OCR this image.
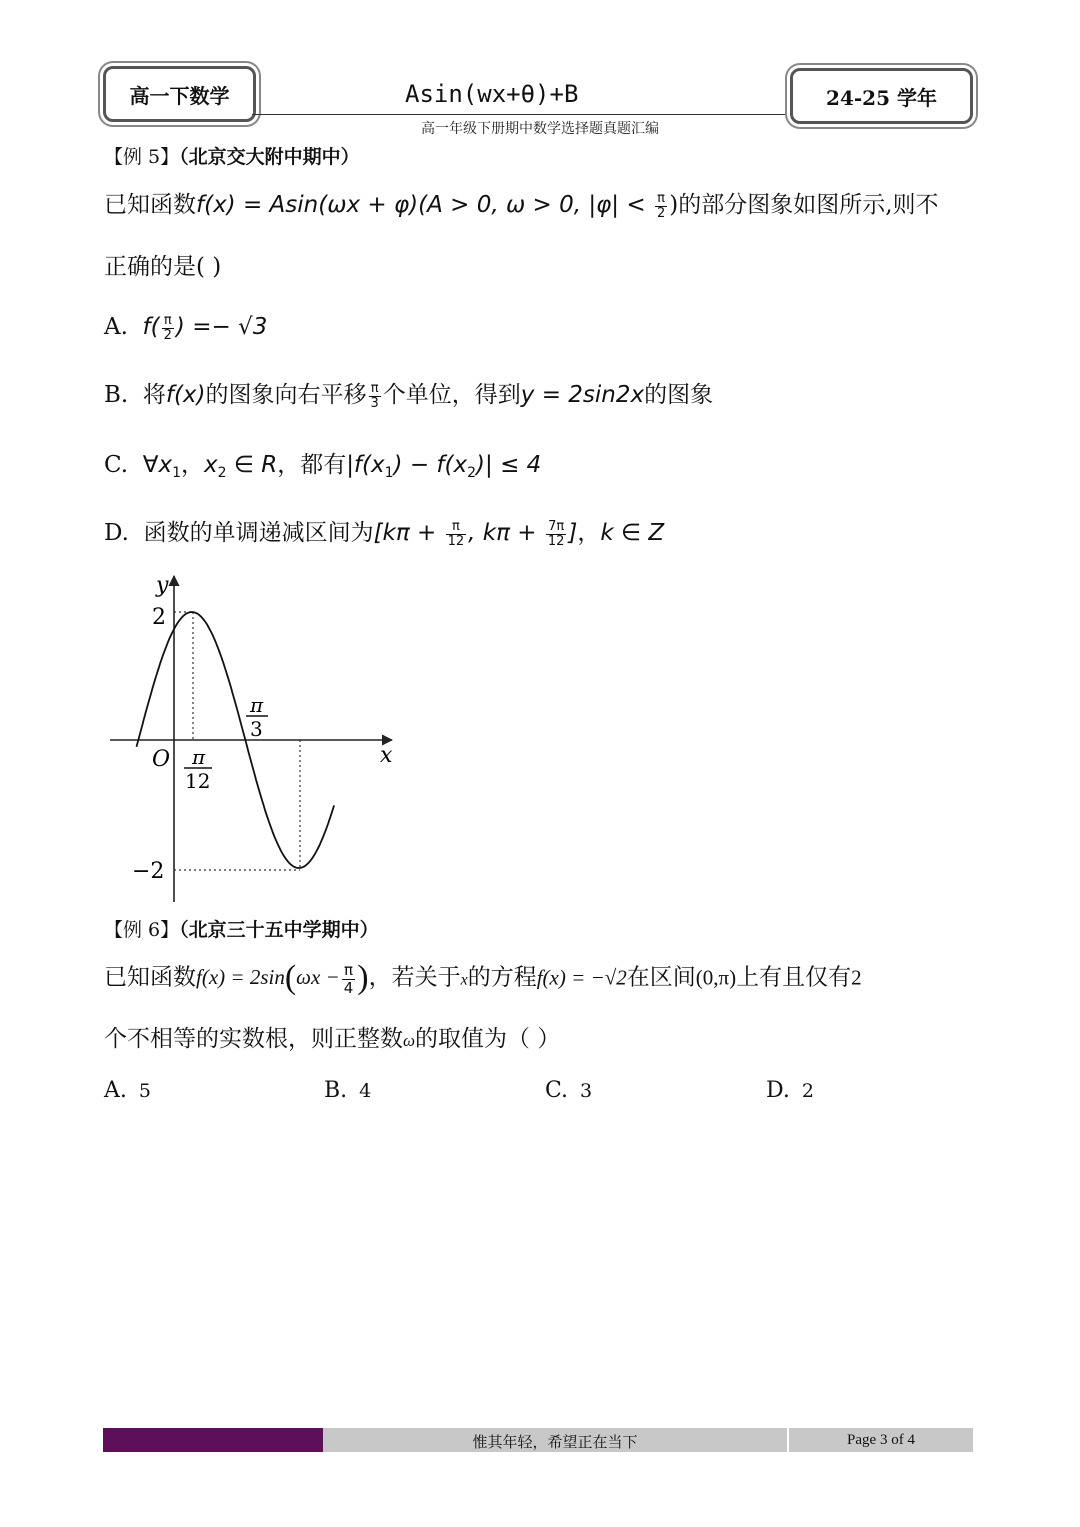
高一下数学	Asin(wx+θ)+B	24-25 学年
高一年级下册期中数学选择题真题汇编
【例 5】（北京交大附中期中）
已知函数f(x) = Asin(ωx + φ)(A > 0, ω > 0, $|\varphi| < \frac{\pi}{2}$ )的部分图象如图所示,则不
正确的是( )
A. $f( \frac{\pi}{2}$ ) =− √3
B. 将f(x)的图象向右平移 $\frac{\pi}{3}$ 个单位，得到y = 2sin2x的图象
C. $\forall x_1$，$x_2$ ∈ R，都有$|f(x_1) - f(x_2)| \le 4$
D. 函数的单调递减区间为[$k\pi + \frac{\pi}{12}$ , $k\pi + \frac{7\pi}{12}$ ]，k ∈ Z
y
x
O
2
−2
π
3
π
12
【例 6】（北京三十五中学期中）
已知函数$f(x) = 2\sin(\omega x - \frac{\pi}{4}$ )，若关于x的方程f(x) = −√2在区间(0,π)上有且仅有2
个不相等的实数根，则正整数ω的取值为（ ）
A. 5	B. 4	C. 3	D. 2
惟其年轻，希望正在当下	Page 3 of 4
